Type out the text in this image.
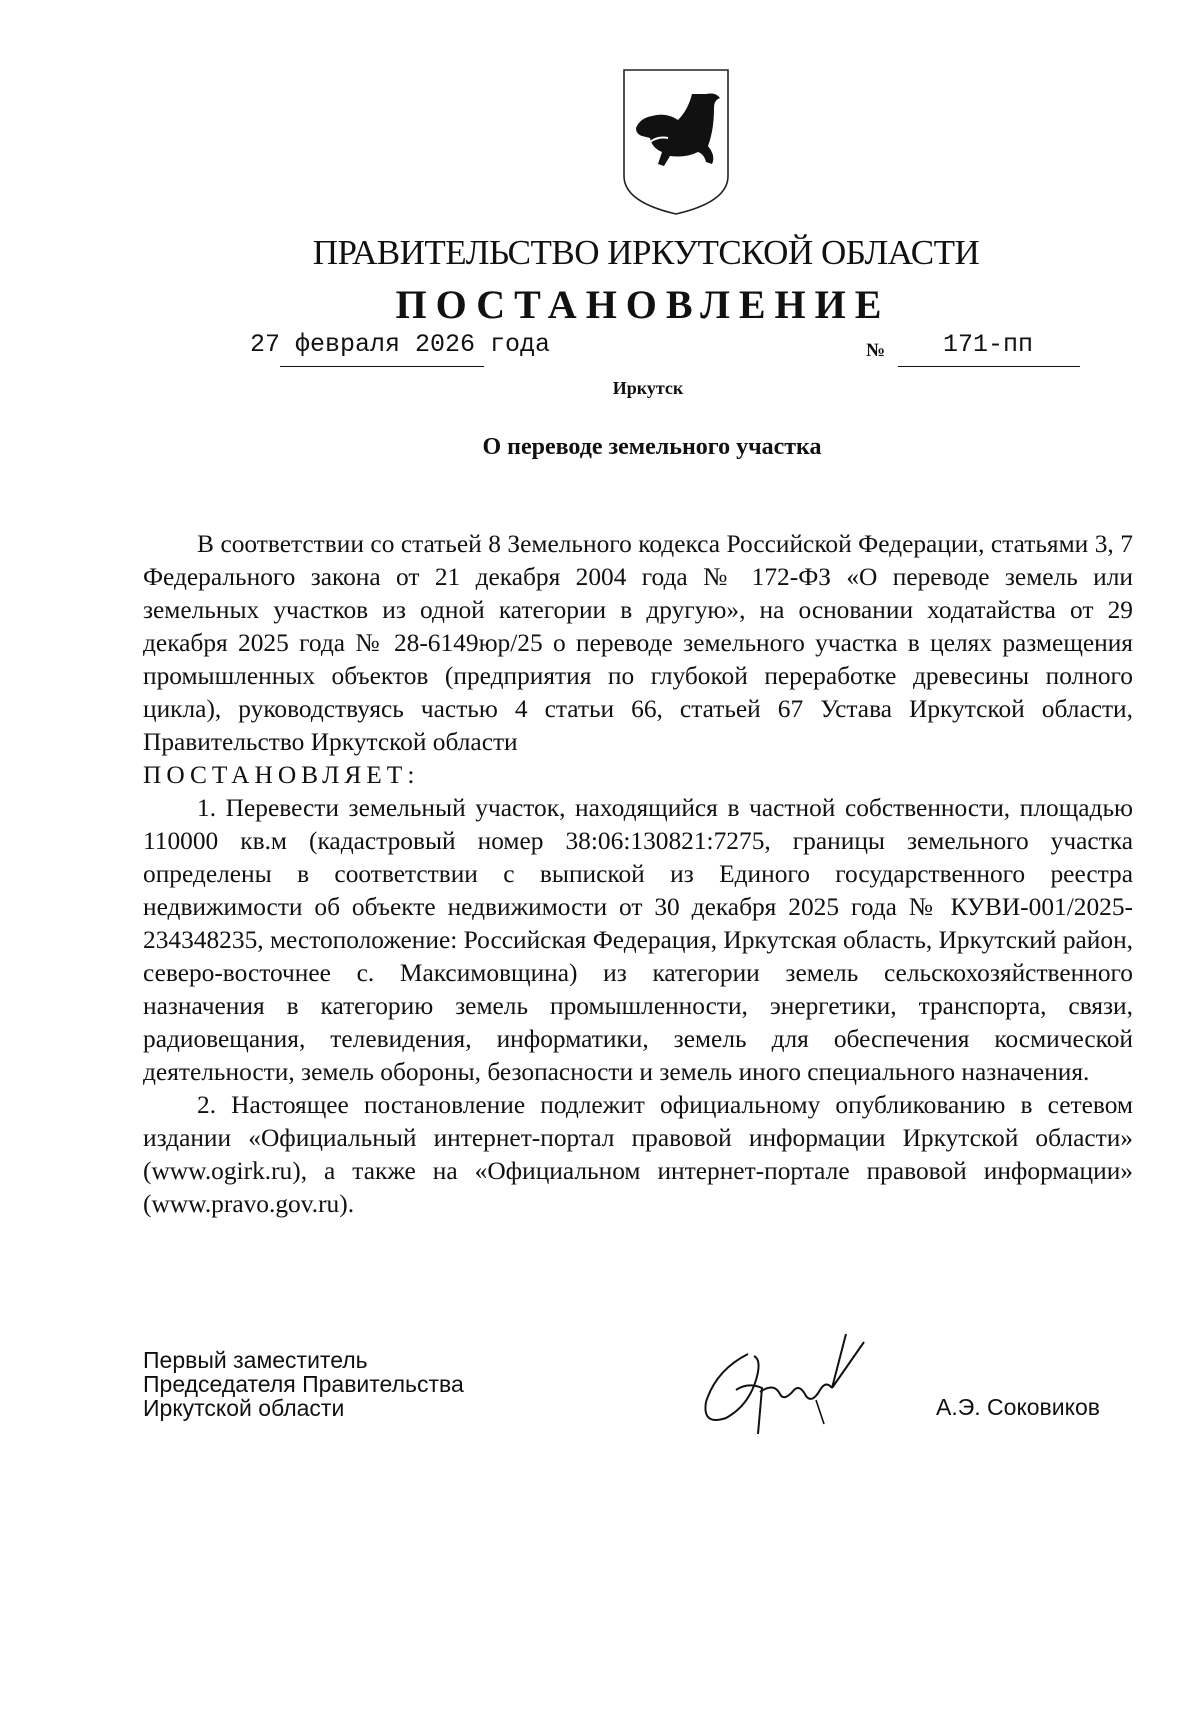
ПРАВИТЕЛЬСТВО ИРКУТСКОЙ ОБЛАСТИ
ПОСТАНОВЛЕНИЕ
27 февраля 2026 года	№ 171-пп
Иркутск
О переводе земельного участка

В соответствии со статьей 8 Земельного кодекса Российской Федерации, статьями 3, 7 Федерального закона от 21 декабря 2004 года № 172-ФЗ «О переводе земель или земельных участков из одной категории в другую», на основании ходатайства от 29 декабря 2025 года № 28-6149юр/25 о переводе земельного участка в целях размещения промышленных объектов (предприятия по глубокой переработке древесины полного цикла), руководствуясь частью 4 статьи 66, статьей 67 Устава Иркутской области, Правительство Иркутской области

ПОСТАНОВЛЯЕТ:

1. Перевести земельный участок, находящийся в частной собственности, площадью 110000 кв.м (кадастровый номер 38:06:130821:7275, границы земельного участка определены в соответствии с выпиской из Единого государственного реестра недвижимости об объекте недвижимости от 30 декабря 2025 года № КУВИ-001/2025-234348235, местоположение: Российская Федерация, Иркутская область, Иркутский район, северо-восточнее с. Максимовщина) из категории земель сельскохозяйственного назначения в категорию земель промышленности, энергетики, транспорта, связи, радиовещания, телевидения, информатики, земель для обеспечения космической деятельности, земель обороны, безопасности и земель иного специального назначения.

2. Настоящее постановление подлежит официальному опубликованию в сетевом издании «Официальный интернет-портал правовой информации Иркутской области» (www.ogirk.ru), а также на «Официальном интернет-портале правовой информации» (www.pravo.gov.ru).

Первый заместитель
Председателя Правительства
Иркутской области	А.Э. Соковиков
